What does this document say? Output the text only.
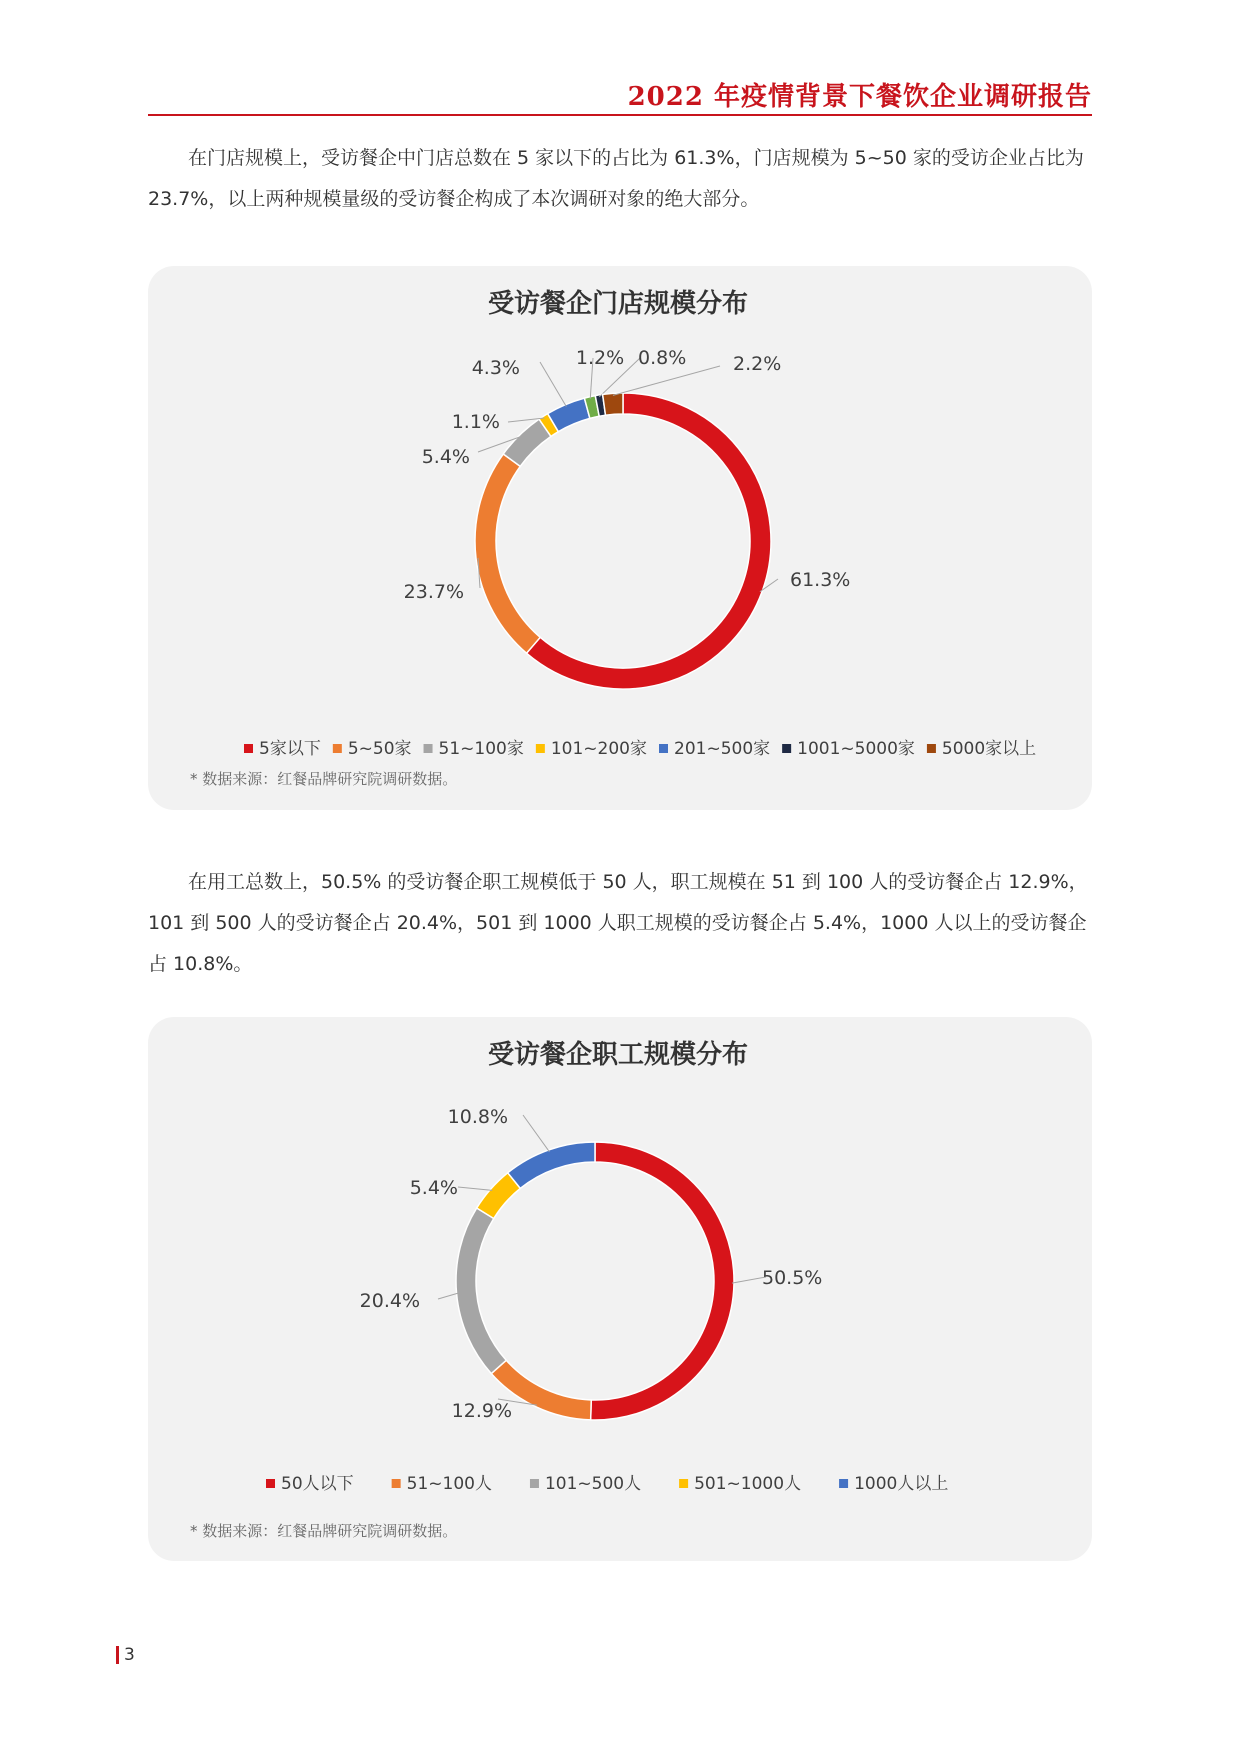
2022 年疫情背景下餐饮企业调研报告

在门店规模上，受访餐企中门店总数在 5 家以下的占比为 61.3%，门店规模为 5~50 家的受访企业占比为 23.7%，以上两种规模量级的受访餐企构成了本次调研对象的绝大部分。

受访餐企门店规模分布
61.3%
23.7%
5.4%
1.1%
4.3%	1.2% 0.8% 2.2%
5家以下 5~50家 51~100家 101~200家 201~500家 1001~5000家 5000家以上
* 数据来源：红餐品牌研究院调研数据。

在用工总数上，50.5% 的受访餐企职工规模低于 50 人，职工规模在 51 到 100 人的受访餐企占 12.9%，101 到 500 人的受访餐企占 20.4%，501 到 1000 人职工规模的受访餐企占 5.4%，1000 人以上的受访餐企占 10.8%。

受访餐企职工规模分布
50.5%
12.9%
20.4%
5.4%
10.8%
50人以下	51~100人	101~500人	501~1000人	1000人以上
* 数据来源：红餐品牌研究院调研数据。
3
